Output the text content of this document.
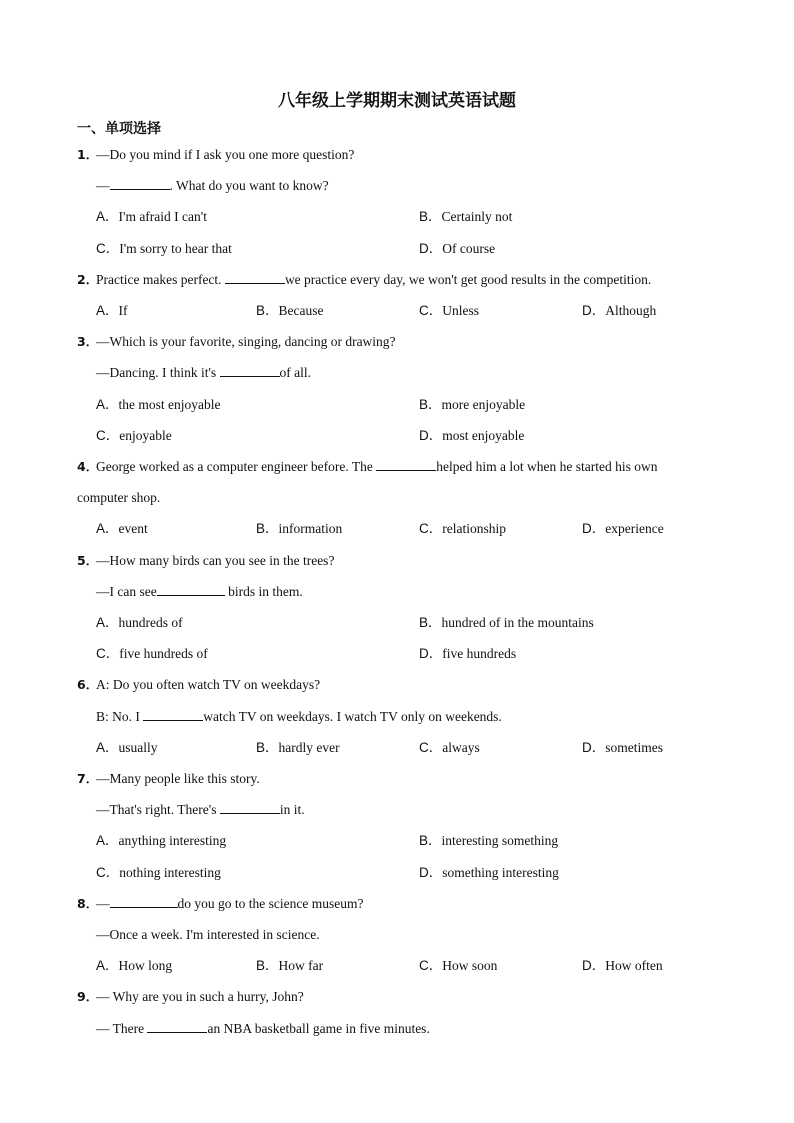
八年级上学期期末测试英语试题
一、单项选择
1．
—Do you mind if I ask you one more question?
—	. What do you want to know?
A．I'm afraid I can't	B．Certainly not
C．I'm sorry to hear that	D．Of course
2．
Practice makes perfect.	we practice every day, we won't get good results in the competition.
A．If	B．Because	C．Unless	D．Although
3．
—Which is your favorite, singing, dancing or drawing?
—Dancing. I think it's	of all.
A．the most enjoyable	B．more enjoyable
C．enjoyable	D．most enjoyable
4．
George worked as a computer engineer before. The	helped him a lot when he started his own
computer shop.
A．event	B．information	C．relationship	D．experience
5．
—How many birds can you see in the trees?
—I can see	birds in them.
A．hundreds of	B．hundred of in the mountains
C．five hundreds of	D．five hundreds
6．
A: Do you often watch TV on weekdays?
B: No. I	watch TV on weekdays. I watch TV only on weekends.
A．usually	B．hardly ever	C．always	D．sometimes
7．
—Many people like this story.
—That's right. There's	in it.
A．anything interesting	B．interesting something
C．nothing interesting	D．something interesting
8．
—	do you go to the science museum?
—Once a week. I'm interested in science.
A．How long	B．How far	C．How soon	D．How often
9．
— Why are you in such a hurry, John?
— There	an NBA basketball game in five minutes.
